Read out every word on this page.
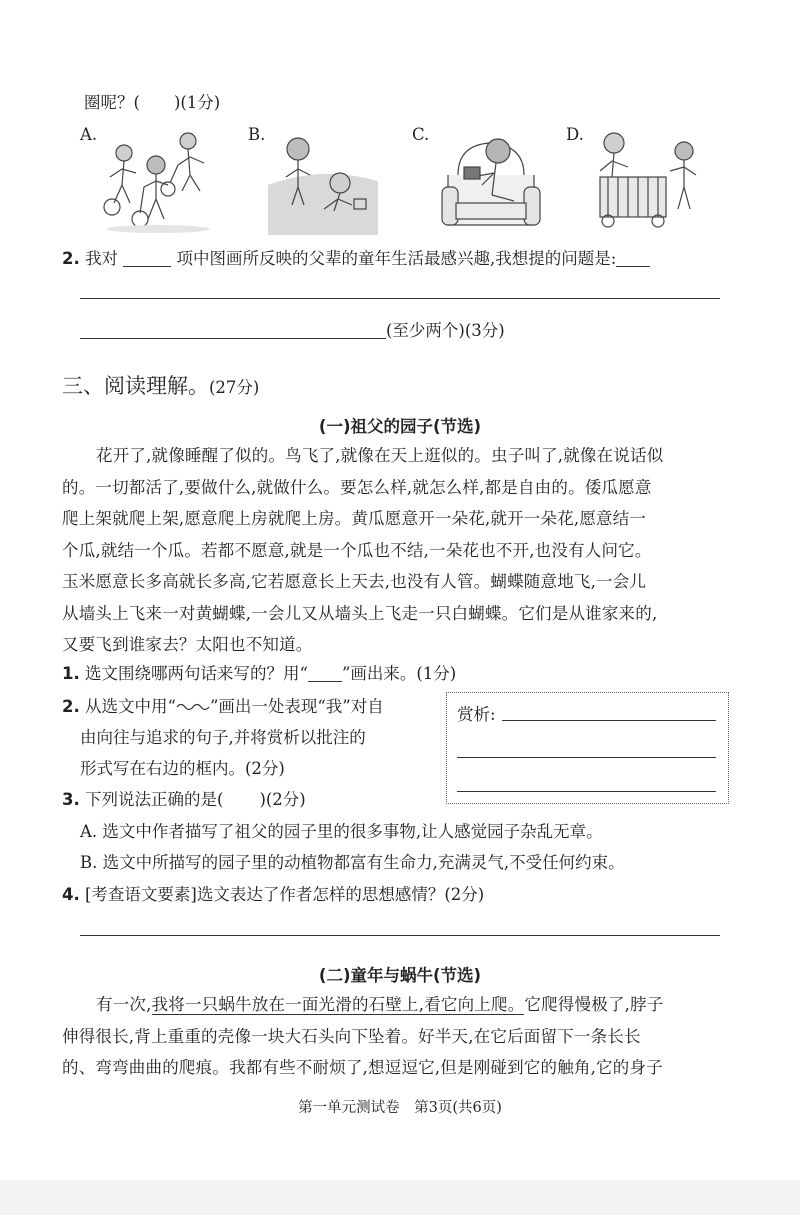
圈呢？( )(1分)
A.	B.	C.	D.
2. 我对	项中图画所反映的父辈的童年生活最感兴趣,我想提的问题是:
(至少两个)(3分)
三、阅读理解。(27分)
(一)祖父的园子(节选)

花开了,就像睡醒了似的。鸟飞了,就像在天上逛似的。虫子叫了,就像在说话似

的。一切都活了,要做什么,就做什么。要怎么样,就怎么样,都是自由的。倭瓜愿意

爬上架就爬上架,愿意爬上房就爬上房。黄瓜愿意开一朵花,就开一朵花,愿意结一

个瓜,就结一个瓜。若都不愿意,就是一个瓜也不结,一朵花也不开,也没有人问它。

玉米愿意长多高就长多高,它若愿意长上天去,也没有人管。蝴蝶随意地飞,一会儿

从墙头上飞来一对黄蝴蝶,一会儿又从墙头上飞走一只白蝴蝶。它们是从谁家来的,

又要飞到谁家去？太阳也不知道。

1. 选文围绕哪两句话来写的？用“ ”画出来。(1分)
2. 从选文中用“ ”画出一处表现“我”对自
由向往与追求的句子,并将赏析以批注的
形式写在右边的框内。(2分)
赏析:
3. 下列说法正确的是( )(2分)
A. 选文中作者描写了祖父的园子里的很多事物,让人感觉园子杂乱无章。
B. 选文中所描写的园子里的动植物都富有生命力,充满灵气,不受任何约束。
4. [考查语文要素]选文表达了作者怎样的思想感情？(2分)
(二)童年与蜗牛(节选)

有一次,我将一只蜗牛放在一面光滑的石壁上,看它向上爬。它爬得慢极了,脖子

伸得很长,背上重重的壳像一块大石头向下坠着。好半天,在它后面留下一条长长

的、弯弯曲曲的爬痕。我都有些不耐烦了,想逗逗它,但是刚碰到它的触角,它的身子

第一单元测试卷　第3页(共6页)
